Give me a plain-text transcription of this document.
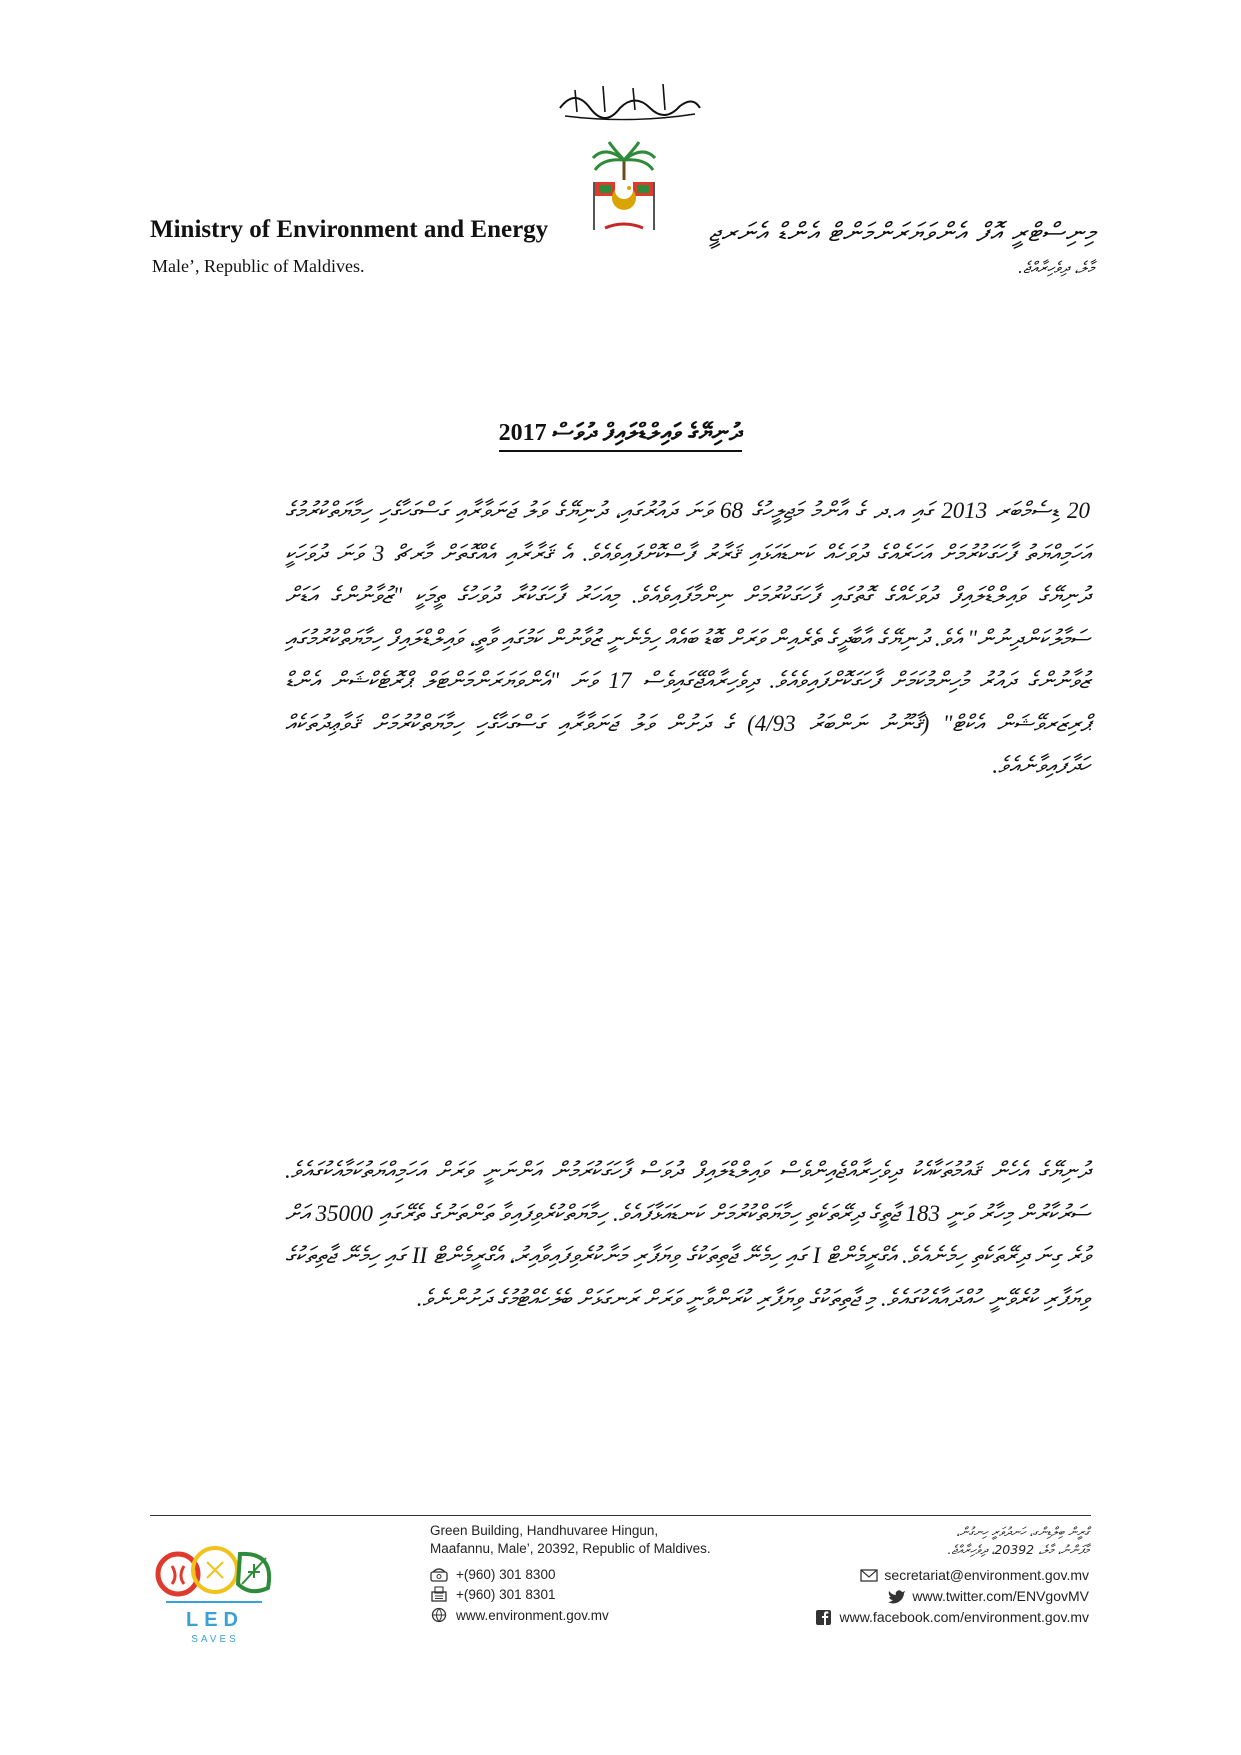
Ministry of Environment and Energy
Male’, Republic of Maldives.
މިނިސްޓްރީ އޮފް އެންވަޔަރަންމަންޓް އެންޑް އެނަރޖީ
މާލެ، ދިވެހިރާއްޖެ.
ދުނިޔޭގެ ވައިލްޑްލައިފް ދުވަސް 2017

20 ޑިސެމްބަރ 2013 ގައި އ.ދ ގެ އާންމު މަޖިލީހުގެ 68 ވަނަ ދައުރުގައި، ދުނިޔޭގެ ވަލު ޖަނަވާރާއި ގަސްގަހާގެހި ހިމާޔަތްކުރުމުގެ އަހަމިއްޔަތު ފާހަގަކުރުމަށް އަހަރެއްގެ ދުވަހެއް ކަނޑައަޅައި ޤަރާރު ފާސްކޮށްފައިވެއެވެ. އެ ޤަރާރާއި އެއްގޮތަށް މާރޗް 3 ވަނަ ދުވަހަކީ ދުނިޔޭގެ ވައިލްޑްލައިފް ދުވަހެއްގެ ގޮތުގައި ފާހަގަކުރުމަށް ނިންމާފައިވެއެވެ. މިއަހަރު ފާހަގަކުރާ ދުވަހުގެ ތީމަކީ "ޒުވާނުންގެ އަޑަށް ސަމާލުކަންދިނުން" އެވެ. ދުނިޔޭގެ އާބާދީގެ ތެރެއިން ވަރަށް ބޮޑު ބައެއް ހިމެނެނީ ޒުވާނުން ކަމުގައި ވާތީ، ވައިލްޑްލައިފް ހިމާޔަތްކުރުމުގައި ޒުވާނުންގެ ދައުރު މުހިންމުކަމަށް ފާހަގަކޮށްފައިވެއެވެ. ދިވެހިރާއްޖޭގައިވެސް 17 ވަނަ "އެންވަޔަރަންމަންޓަލް ޕްރޮޓެކްޝަން އެންޑް ޕްރިޒަރވޭޝަން އެކްޓް" (ޤާނޫނު ނަންބަރު 4/93) ގެ ދަށުން ވަލު ޖަނަވާރާއި ގަސްގަހާގެހި ހިމާޔަތްކުރުމަށް ޤަވާޢިދުތަކެއް ހަދާފައިވާނެއެވެ.

ދުނިޔޭގެ އެހެން ޤައުމުތަކާއެކު ދިވެހިރާއްޖެއިންވެސް ވައިލްޑްލައިފް ދުވަސް ފާހަގަކުރަމުން އަންނަނީ ވަރަށް އަހަމިއްޔަތުކަމާއެކުގައެވެ. ސަރުކާރުން މިހާރު ވަނީ 183 ޖާތީގެ ދިރޭތަކެތި ހިމާޔަތްކުރުމަށް ކަނޑައަޅާފައެވެ. ހިމާޔަތްކުރެވިފައިވާ ތަންތަނުގެ ތެރޭގައި 35000 އަށް ވުރެ ގިނަ ދިރޭތަކެތި ހިމެނެއެވެ. އެގްރީމެންޓް I ގައި ހިމެނޭ ޖާތިތަކުގެ ވިޔަފާރި މަނާކުރެވިފައިވާއިރު، އެގްރީމެންޓް II ގައި ހިމެނޭ ޖާތިތަކުގެ ވިޔަފާރި ކުރެވޭނީ ހުއްދައާއެކުގައެވެ. މި ޖާތިތަކުގެ ވިޔަފާރި ކުރަންވާނީ ވަރަށް ރަނގަޅަށް ބެލެހެއްޓުމުގެ ދަށުންނެވެ.

LED
SAVES
Green Building, Handhuvaree Hingun,
Maafannu, Male’, 20392, Republic of Maldives.
+(960) 301 8300
+(960) 301 8301
www.environment.gov.mv
ގްރީން ބިލްޑިންގ، ހަނދުވަރީ ހިނގުން،
މާފަންނު، މާލެ، 20392، ދިވެހިރާއްޖެ.
secretariat@environment.gov.mv
www.twitter.com/ENVgovMV
www.facebook.com/environment.gov.mv
